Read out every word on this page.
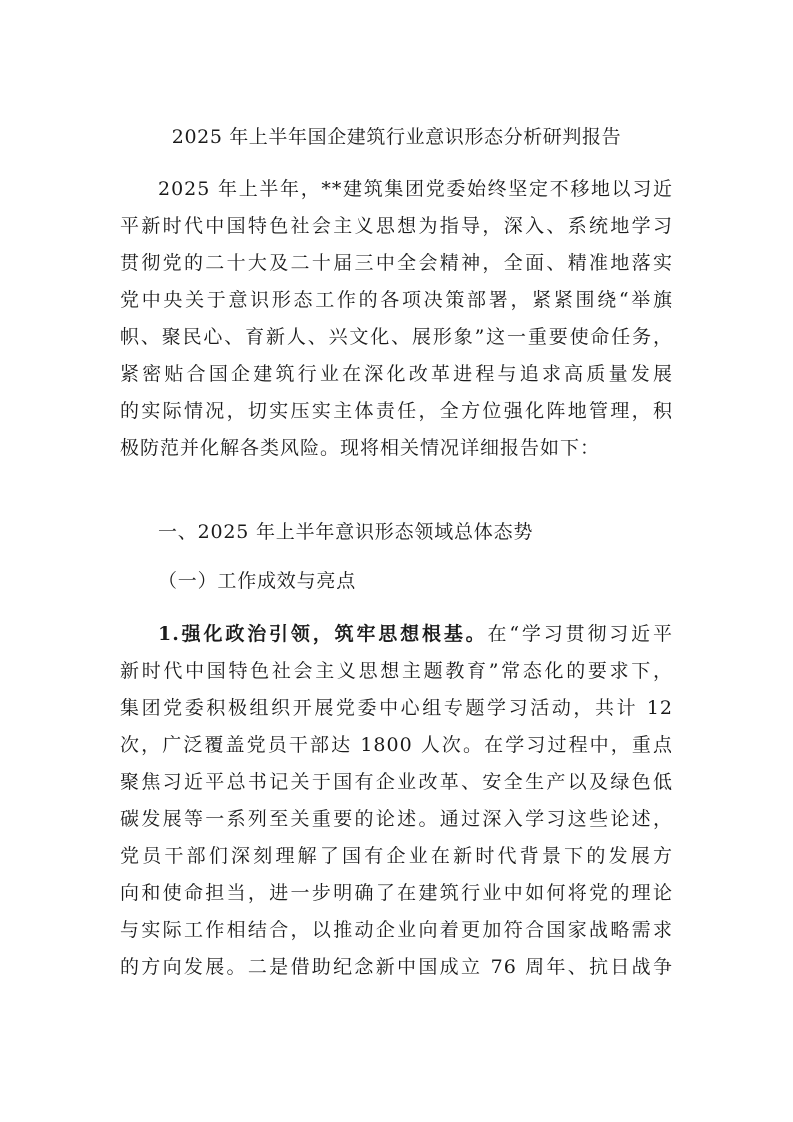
2025 年上半年国企建筑行业意识形态分析研判报告
2025 年上半年，**建筑集团党委始终坚定不移地以习近
平新时代中国特色社会主义思想为指导，深入、系统地学习
贯彻党的二十大及二十届三中全会精神，全面、精准地落实
党中央关于意识形态工作的各项决策部署，紧紧围绕“举旗
帜、聚民心、育新人、兴文化、展形象”这一重要使命任务，
紧密贴合国企建筑行业在深化改革进程与追求高质量发展
的实际情况，切实压实主体责任，全方位强化阵地管理，积
极防范并化解各类风险。现将相关情况详细报告如下：
一、2025 年上半年意识形态领域总体态势
（一）工作成效与亮点
1.强化政治引领，筑牢思想根基。在“学习贯彻习近平
新时代中国特色社会主义思想主题教育”常态化的要求下，
集团党委积极组织开展党委中心组专题学习活动，共计 12
次，广泛覆盖党员干部达 1800 人次。在学习过程中，重点
聚焦习近平总书记关于国有企业改革、安全生产以及绿色低
碳发展等一系列至关重要的论述。通过深入学习这些论述，
党员干部们深刻理解了国有企业在新时代背景下的发展方
向和使命担当，进一步明确了在建筑行业中如何将党的理论
与实际工作相结合，以推动企业向着更加符合国家战略需求
的方向发展。二是借助纪念新中国成立 76 周年、抗日战争
